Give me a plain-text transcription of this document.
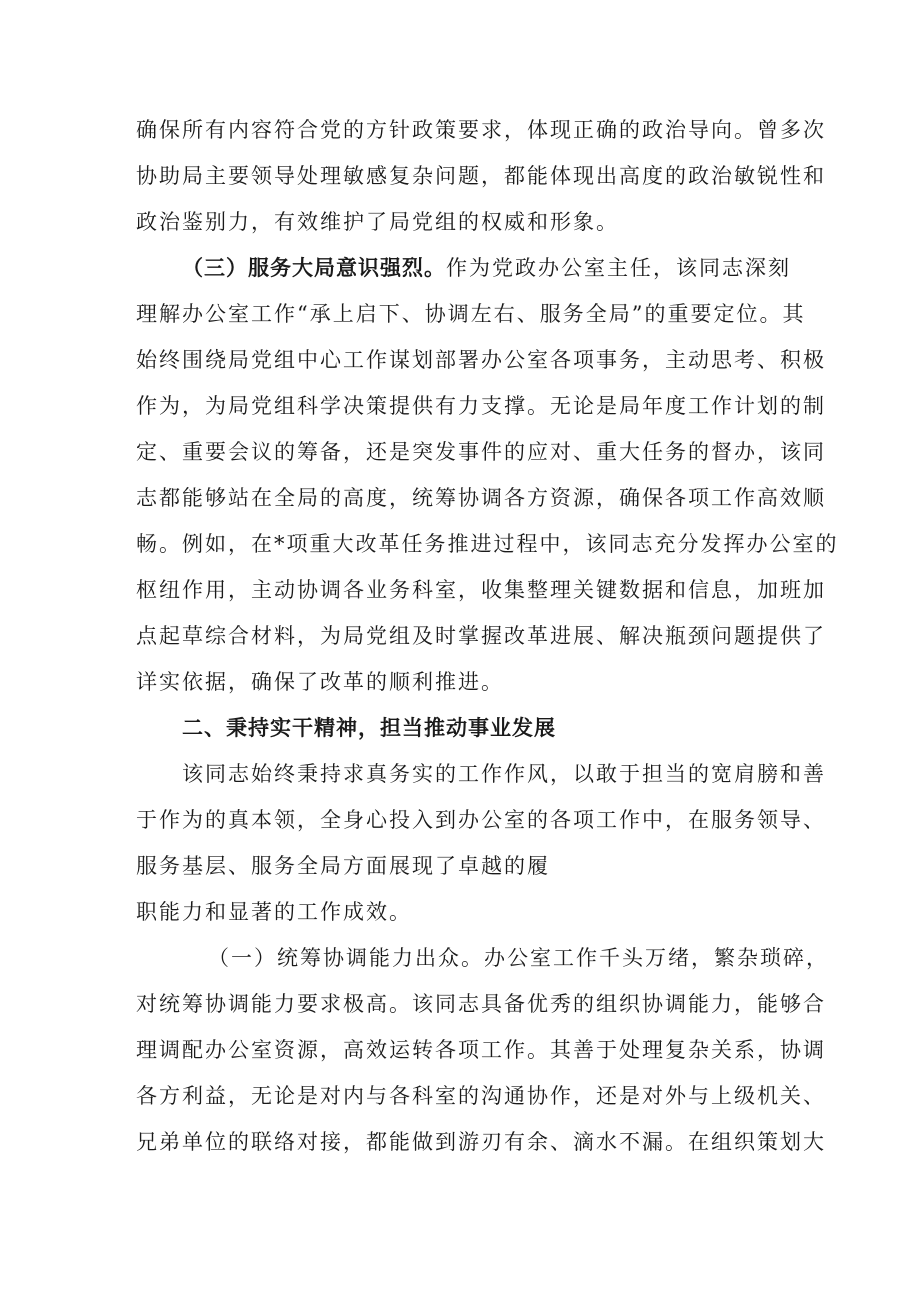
确保所有内容符合党的方针政策要求，体现正确的政治导向。曾多次
协助局主要领导处理敏感复杂问题，都能体现出高度的政治敏锐性和
政治鉴别力，有效维护了局党组的权威和形象。
（三）服务大局意识强烈。作为党政办公室主任，该同志深刻
理解办公室工作“承上启下、协调左右、服务全局”的重要定位。其
始终围绕局党组中心工作谋划部署办公室各项事务，主动思考、积极
作为，为局党组科学决策提供有力支撑。无论是局年度工作计划的制
定、重要会议的筹备，还是突发事件的应对、重大任务的督办，该同
志都能够站在全局的高度，统筹协调各方资源，确保各项工作高效顺
畅。例如，在*项重大改革任务推进过程中，该同志充分发挥办公室的
枢纽作用，主动协调各业务科室，收集整理关键数据和信息，加班加
点起草综合材料，为局党组及时掌握改革进展、解决瓶颈问题提供了
详实依据，确保了改革的顺利推进。
二、秉持实干精神，担当推动事业发展
该同志始终秉持求真务实的工作作风，以敢于担当的宽肩膀和善
于作为的真本领，全身心投入到办公室的各项工作中，在服务领导、
服务基层、服务全局方面展现了卓越的履
职能力和显著的工作成效。
（一）统筹协调能力出众。办公室工作千头万绪，繁杂琐碎，
对统筹协调能力要求极高。该同志具备优秀的组织协调能力，能够合
理调配办公室资源，高效运转各项工作。其善于处理复杂关系，协调
各方利益，无论是对内与各科室的沟通协作，还是对外与上级机关、
兄弟单位的联络对接，都能做到游刃有余、滴水不漏。在组织策划大
